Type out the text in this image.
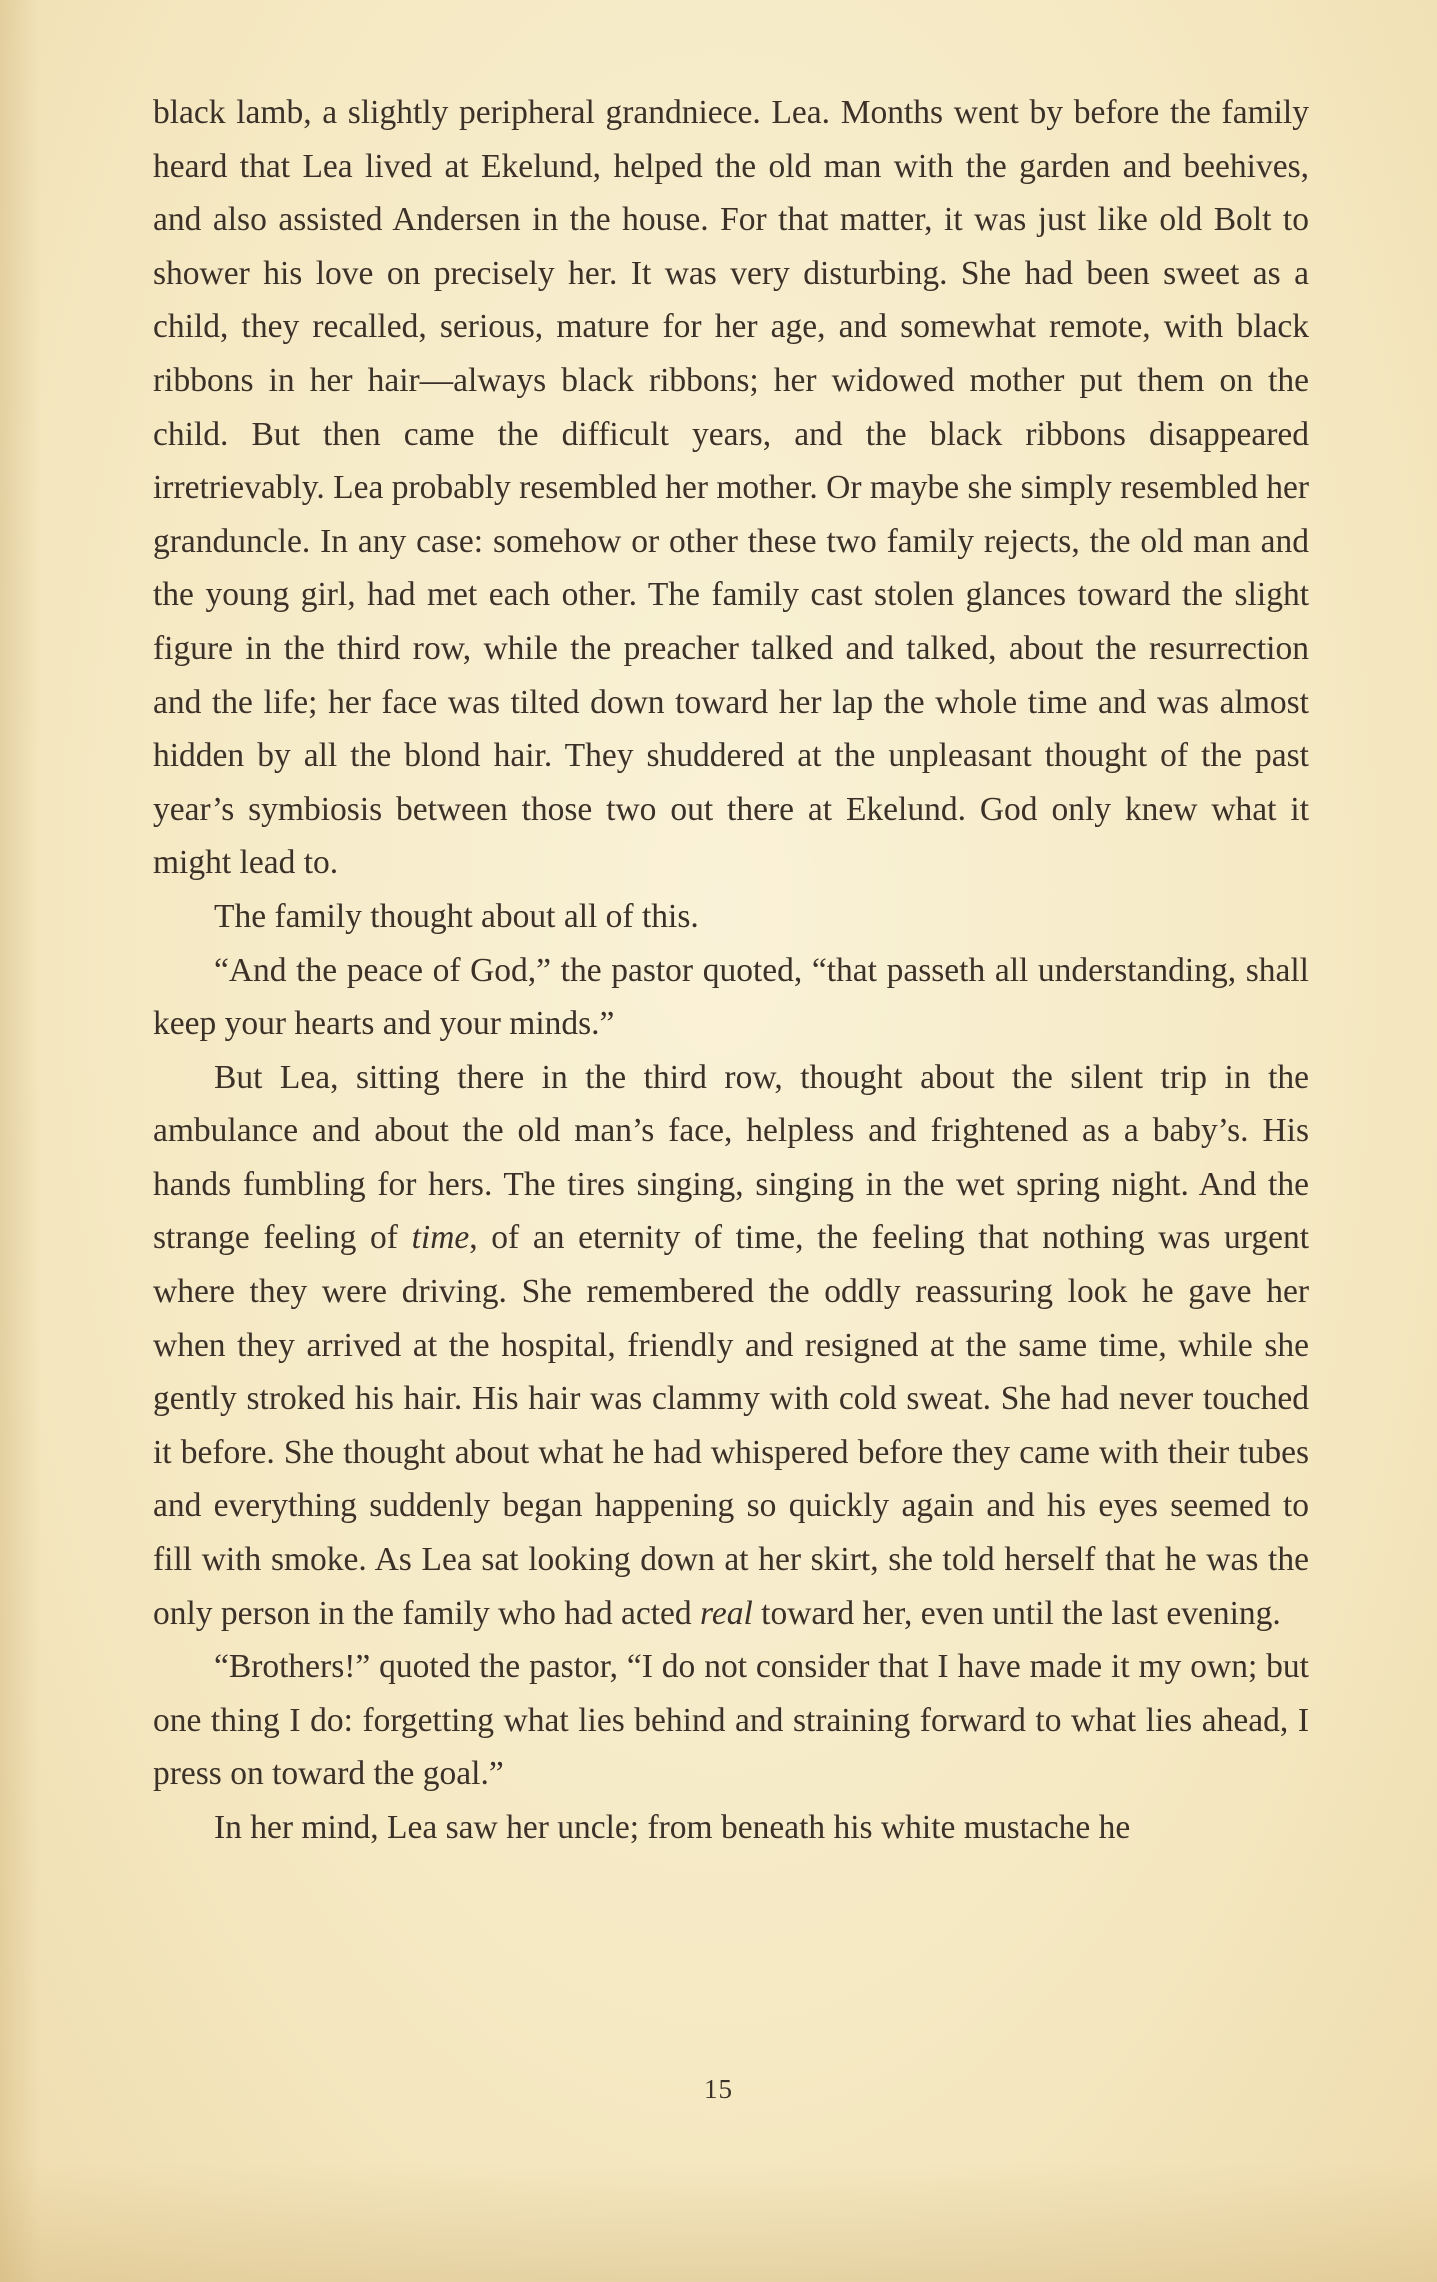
black lamb, a slightly peripheral grandniece. Lea. Months went by before the family heard that Lea lived at Ekelund, helped the old man with the garden and beehives, and also assisted Andersen in the house. For that matter, it was just like old Bolt to shower his love on precisely her. It was very disturbing. She had been sweet as a child, they recalled, serious, mature for her age, and somewhat remote, with black ribbons in her hair—always black ribbons; her widowed mother put them on the child. But then came the difficult years, and the black ribbons disappeared irretrievably. Lea probably resembled her mother. Or maybe she simply resembled her granduncle. In any case: somehow or other these two family rejects, the old man and the young girl, had met each other. The family cast stolen glances toward the slight figure in the third row, while the preacher talked and talked, about the resurrection and the life; her face was tilted down toward her lap the whole time and was almost hidden by all the blond hair. They shuddered at the unpleasant thought of the past year’s symbiosis between those two out there at Ekelund. God only knew what it might lead to.

The family thought about all of this.

“And the peace of God,” the pastor quoted, “that passeth all understanding, shall keep your hearts and your minds.”

But Lea, sitting there in the third row, thought about the silent trip in the ambulance and about the old man’s face, helpless and frightened as a baby’s. His hands fumbling for hers. The tires singing, singing in the wet spring night. And the strange feeling of time, of an eternity of time, the feeling that nothing was urgent where they were driving. She remembered the oddly reassuring look he gave her when they arrived at the hospital, friendly and resigned at the same time, while she gently stroked his hair. His hair was clammy with cold sweat. She had never touched it before. She thought about what he had whispered before they came with their tubes and everything suddenly began happening so quickly again and his eyes seemed to fill with smoke. As Lea sat looking down at her skirt, she told herself that he was the only person in the family who had acted real toward her, even until the last evening.

“Brothers!” quoted the pastor, “I do not consider that I have made it my own; but one thing I do: forgetting what lies behind and straining forward to what lies ahead, I press on toward the goal.”

In her mind, Lea saw her uncle; from beneath his white mustache he

15
